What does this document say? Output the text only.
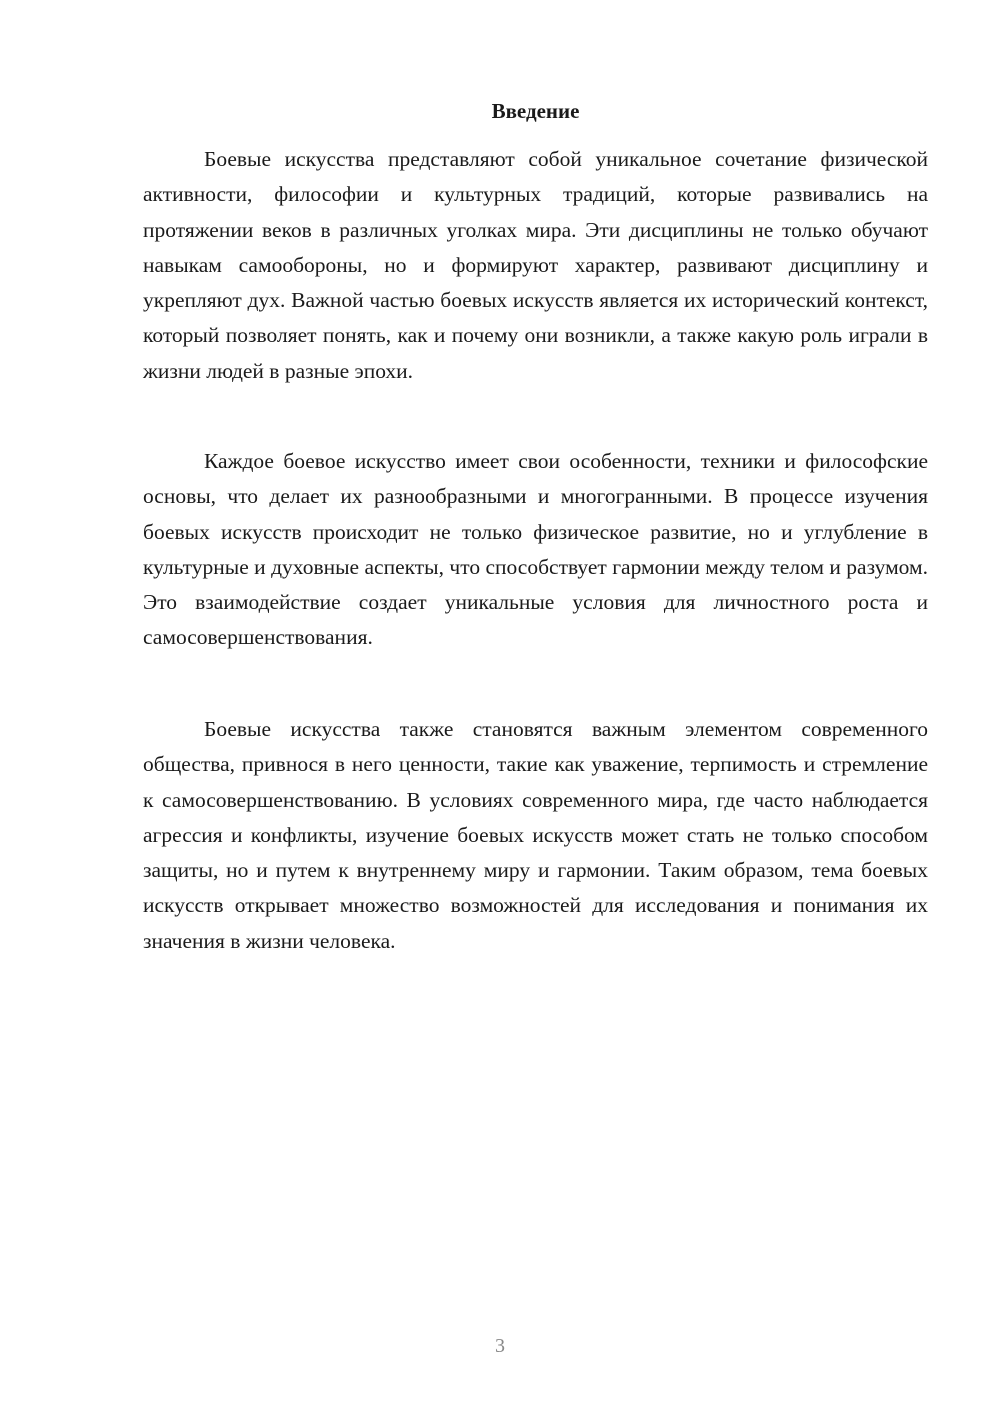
Введение

Боевые искусства представляют собой уникальное сочетание физической активности, философии и культурных традиций, которые развивались на протяжении веков в различных уголках мира. Эти дисциплины не только обучают навыкам самообороны, но и формируют характер, развивают дисциплину и укрепляют дух. Важной частью боевых искусств является их исторический контекст, который позволяет понять, как и почему они возникли, а также какую роль играли в жизни людей в разные эпохи.

Каждое боевое искусство имеет свои особенности, техники и философские основы, что делает их разнообразными и многогранными. В процессе изучения боевых искусств происходит не только физическое развитие, но и углубление в культурные и духовные аспекты, что способствует гармонии между телом и разумом. Это взаимодействие создает уникальные условия для личностного роста и самосовершенствования.

Боевые искусства также становятся важным элементом современного общества, привнося в него ценности, такие как уважение, терпимость и стремление к самосовершенствованию. В условиях современного мира, где часто наблюдается агрессия и конфликты, изучение боевых искусств может стать не только способом защиты, но и путем к внутреннему миру и гармонии. Таким образом, тема боевых искусств открывает множество возможностей для исследования и понимания их значения в жизни человека.

3
